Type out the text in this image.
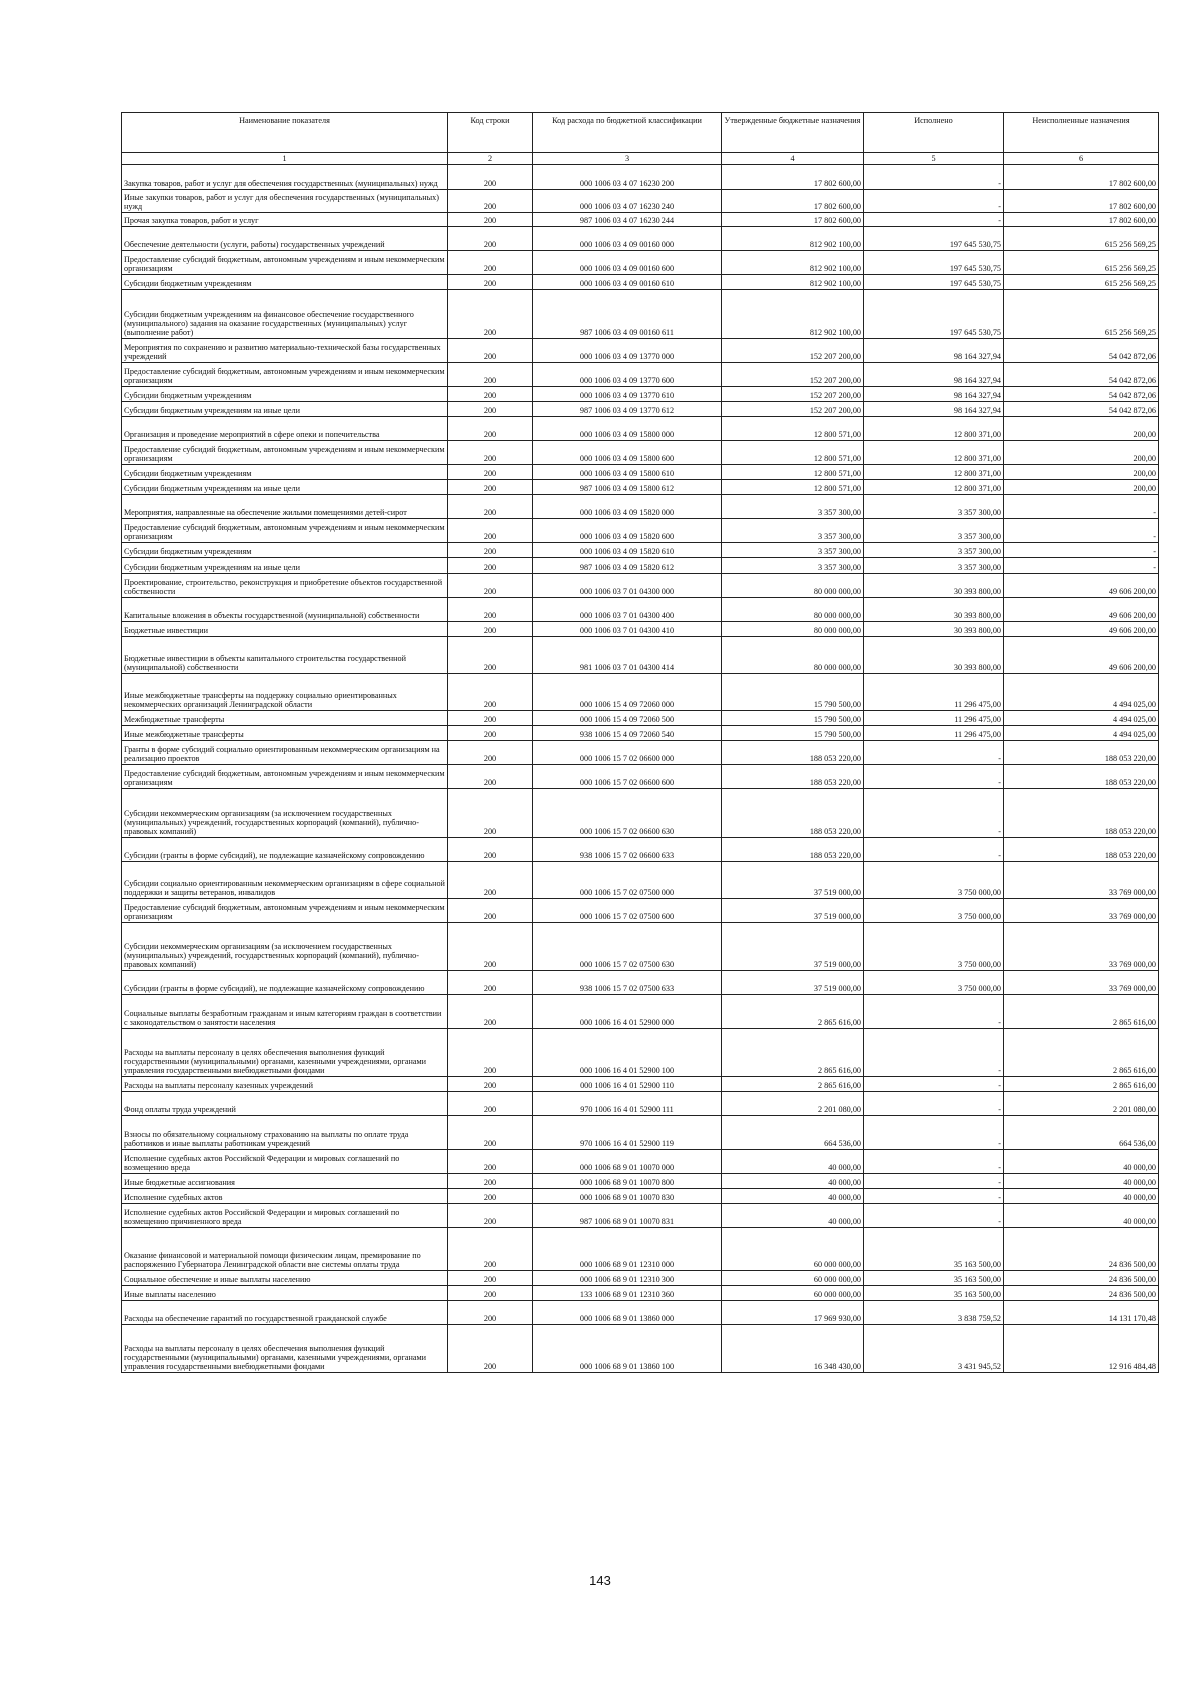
Наименование показателя	Код строки	Код расхода по бюджетной классификации	Утвержденные бюджетные назначения	Исполнено	Неисполненные назначения
1	2	3	4	5	6
Закупка товаров, работ и услуг для обеспечения государственных (муниципальных) нужд	200	000 1006 03 4 07 16230 200	17 802 600,00	-	17 802 600,00
Иные закупки товаров, работ и услуг для обеспечения государственных (муниципальных) нужд	200	000 1006 03 4 07 16230 240	17 802 600,00	-	17 802 600,00
Прочая закупка товаров, работ и услуг	200	987 1006 03 4 07 16230 244	17 802 600,00	-	17 802 600,00
Обеспечение деятельности (услуги, работы) государственных учреждений	200	000 1006 03 4 09 00160 000	812 902 100,00	197 645 530,75	615 256 569,25
Предоставление субсидий бюджетным, автономным учреждениям и иным некоммерческим организациям	200	000 1006 03 4 09 00160 600	812 902 100,00	197 645 530,75	615 256 569,25
Субсидии бюджетным учреждениям	200	000 1006 03 4 09 00160 610	812 902 100,00	197 645 530,75	615 256 569,25
Субсидии бюджетным учреждениям на финансовое обеспечение государственного (муниципального) задания на оказание государственных (муниципальных) услуг (выполнение работ)	200	987 1006 03 4 09 00160 611	812 902 100,00	197 645 530,75	615 256 569,25
Мероприятия по сохранению и развитию материально-технической базы государственных учреждений	200	000 1006 03 4 09 13770 000	152 207 200,00	98 164 327,94	54 042 872,06
Предоставление субсидий бюджетным, автономным учреждениям и иным некоммерческим организациям	200	000 1006 03 4 09 13770 600	152 207 200,00	98 164 327,94	54 042 872,06
Субсидии бюджетным учреждениям	200	000 1006 03 4 09 13770 610	152 207 200,00	98 164 327,94	54 042 872,06
Субсидии бюджетным учреждениям на иные цели	200	987 1006 03 4 09 13770 612	152 207 200,00	98 164 327,94	54 042 872,06
Организация и проведение мероприятий в сфере опеки и попечительства	200	000 1006 03 4 09 15800 000	12 800 571,00	12 800 371,00	200,00
Предоставление субсидий бюджетным, автономным учреждениям и иным некоммерческим организациям	200	000 1006 03 4 09 15800 600	12 800 571,00	12 800 371,00	200,00
Субсидии бюджетным учреждениям	200	000 1006 03 4 09 15800 610	12 800 571,00	12 800 371,00	200,00
Субсидии бюджетным учреждениям на иные цели	200	987 1006 03 4 09 15800 612	12 800 571,00	12 800 371,00	200,00
Мероприятия, направленные на обеспечение жилыми помещениями детей-сирот	200	000 1006 03 4 09 15820 000	3 357 300,00	3 357 300,00	-
Предоставление субсидий бюджетным, автономным учреждениям и иным некоммерческим организациям	200	000 1006 03 4 09 15820 600	3 357 300,00	3 357 300,00	-
Субсидии бюджетным учреждениям	200	000 1006 03 4 09 15820 610	3 357 300,00	3 357 300,00	-
Субсидии бюджетным учреждениям на иные цели	200	987 1006 03 4 09 15820 612	3 357 300,00	3 357 300,00	-
Проектирование, строительство, реконструкция и приобретение объектов государственной собственности	200	000 1006 03 7 01 04300 000	80 000 000,00	30 393 800,00	49 606 200,00
Капитальные вложения в объекты государственной (муниципальной) собственности	200	000 1006 03 7 01 04300 400	80 000 000,00	30 393 800,00	49 606 200,00
Бюджетные инвестиции	200	000 1006 03 7 01 04300 410	80 000 000,00	30 393 800,00	49 606 200,00
Бюджетные инвестиции в объекты капитального строительства государственной (муниципальной) собственности	200	981 1006 03 7 01 04300 414	80 000 000,00	30 393 800,00	49 606 200,00
Иные межбюджетные трансферты на поддержку социально ориентированных некоммерческих организаций Ленинградской области	200	000 1006 15 4 09 72060 000	15 790 500,00	11 296 475,00	4 494 025,00
Межбюджетные трансферты	200	000 1006 15 4 09 72060 500	15 790 500,00	11 296 475,00	4 494 025,00
Иные межбюджетные трансферты	200	938 1006 15 4 09 72060 540	15 790 500,00	11 296 475,00	4 494 025,00
Гранты в форме субсидий социально ориентированным некоммерческим организациям на реализацию проектов	200	000 1006 15 7 02 06600 000	188 053 220,00	-	188 053 220,00
Предоставление субсидий бюджетным, автономным учреждениям и иным некоммерческим организациям	200	000 1006 15 7 02 06600 600	188 053 220,00	-	188 053 220,00
Субсидии некоммерческим организациям (за исключением государственных (муниципальных) учреждений, государственных корпораций (компаний), публично-правовых компаний)	200	000 1006 15 7 02 06600 630	188 053 220,00	-	188 053 220,00
Субсидии (гранты в форме субсидий), не подлежащие казначейскому сопровождению	200	938 1006 15 7 02 06600 633	188 053 220,00	-	188 053 220,00
Субсидии социально ориентированным некоммерческим организациям в сфере социальной поддержки и защиты ветеранов, инвалидов	200	000 1006 15 7 02 07500 000	37 519 000,00	3 750 000,00	33 769 000,00
Предоставление субсидий бюджетным, автономным учреждениям и иным некоммерческим организациям	200	000 1006 15 7 02 07500 600	37 519 000,00	3 750 000,00	33 769 000,00
Субсидии некоммерческим организациям (за исключением государственных (муниципальных) учреждений, государственных корпораций (компаний), публично-правовых компаний)	200	000 1006 15 7 02 07500 630	37 519 000,00	3 750 000,00	33 769 000,00
Субсидии (гранты в форме субсидий), не подлежащие казначейскому сопровождению	200	938 1006 15 7 02 07500 633	37 519 000,00	3 750 000,00	33 769 000,00
Социальные выплаты безработным гражданам и иным категориям граждан в соответствии с законодательством о занятости населения	200	000 1006 16 4 01 52900 000	2 865 616,00	-	2 865 616,00
Расходы на выплаты персоналу в целях обеспечения выполнения функций государственными (муниципальными) органами, казенными учреждениями, органами управления государственными внебюджетными фондами	200	000 1006 16 4 01 52900 100	2 865 616,00	-	2 865 616,00
Расходы на выплаты персоналу казенных учреждений	200	000 1006 16 4 01 52900 110	2 865 616,00	-	2 865 616,00
Фонд оплаты труда учреждений	200	970 1006 16 4 01 52900 111	2 201 080,00	-	2 201 080,00
Взносы по обязательному социальному страхованию на выплаты по оплате труда работников и иные выплаты работникам учреждений	200	970 1006 16 4 01 52900 119	664 536,00	-	664 536,00
Исполнение судебных актов Российской Федерации и мировых соглашений по возмещению вреда	200	000 1006 68 9 01 10070 000	40 000,00	-	40 000,00
Иные бюджетные ассигнования	200	000 1006 68 9 01 10070 800	40 000,00	-	40 000,00
Исполнение судебных актов	200	000 1006 68 9 01 10070 830	40 000,00	-	40 000,00
Исполнение судебных актов Российской Федерации и мировых соглашений по возмещению причиненного вреда	200	987 1006 68 9 01 10070 831	40 000,00	-	40 000,00
Оказание финансовой и материальной помощи физическим лицам, премирование по распоряжению Губернатора Ленинградской области вне системы оплаты труда	200	000 1006 68 9 01 12310 000	60 000 000,00	35 163 500,00	24 836 500,00
Социальное обеспечение и иные выплаты населению	200	000 1006 68 9 01 12310 300	60 000 000,00	35 163 500,00	24 836 500,00
Иные выплаты населению	200	133 1006 68 9 01 12310 360	60 000 000,00	35 163 500,00	24 836 500,00
Расходы на обеспечение гарантий по государственной гражданской службе	200	000 1006 68 9 01 13860 000	17 969 930,00	3 838 759,52	14 131 170,48
Расходы на выплаты персоналу в целях обеспечения выполнения функций государственными (муниципальными) органами, казенными учреждениями, органами управления государственными внебюджетными фондами	200	000 1006 68 9 01 13860 100	16 348 430,00	3 431 945,52	12 916 484,48
143
